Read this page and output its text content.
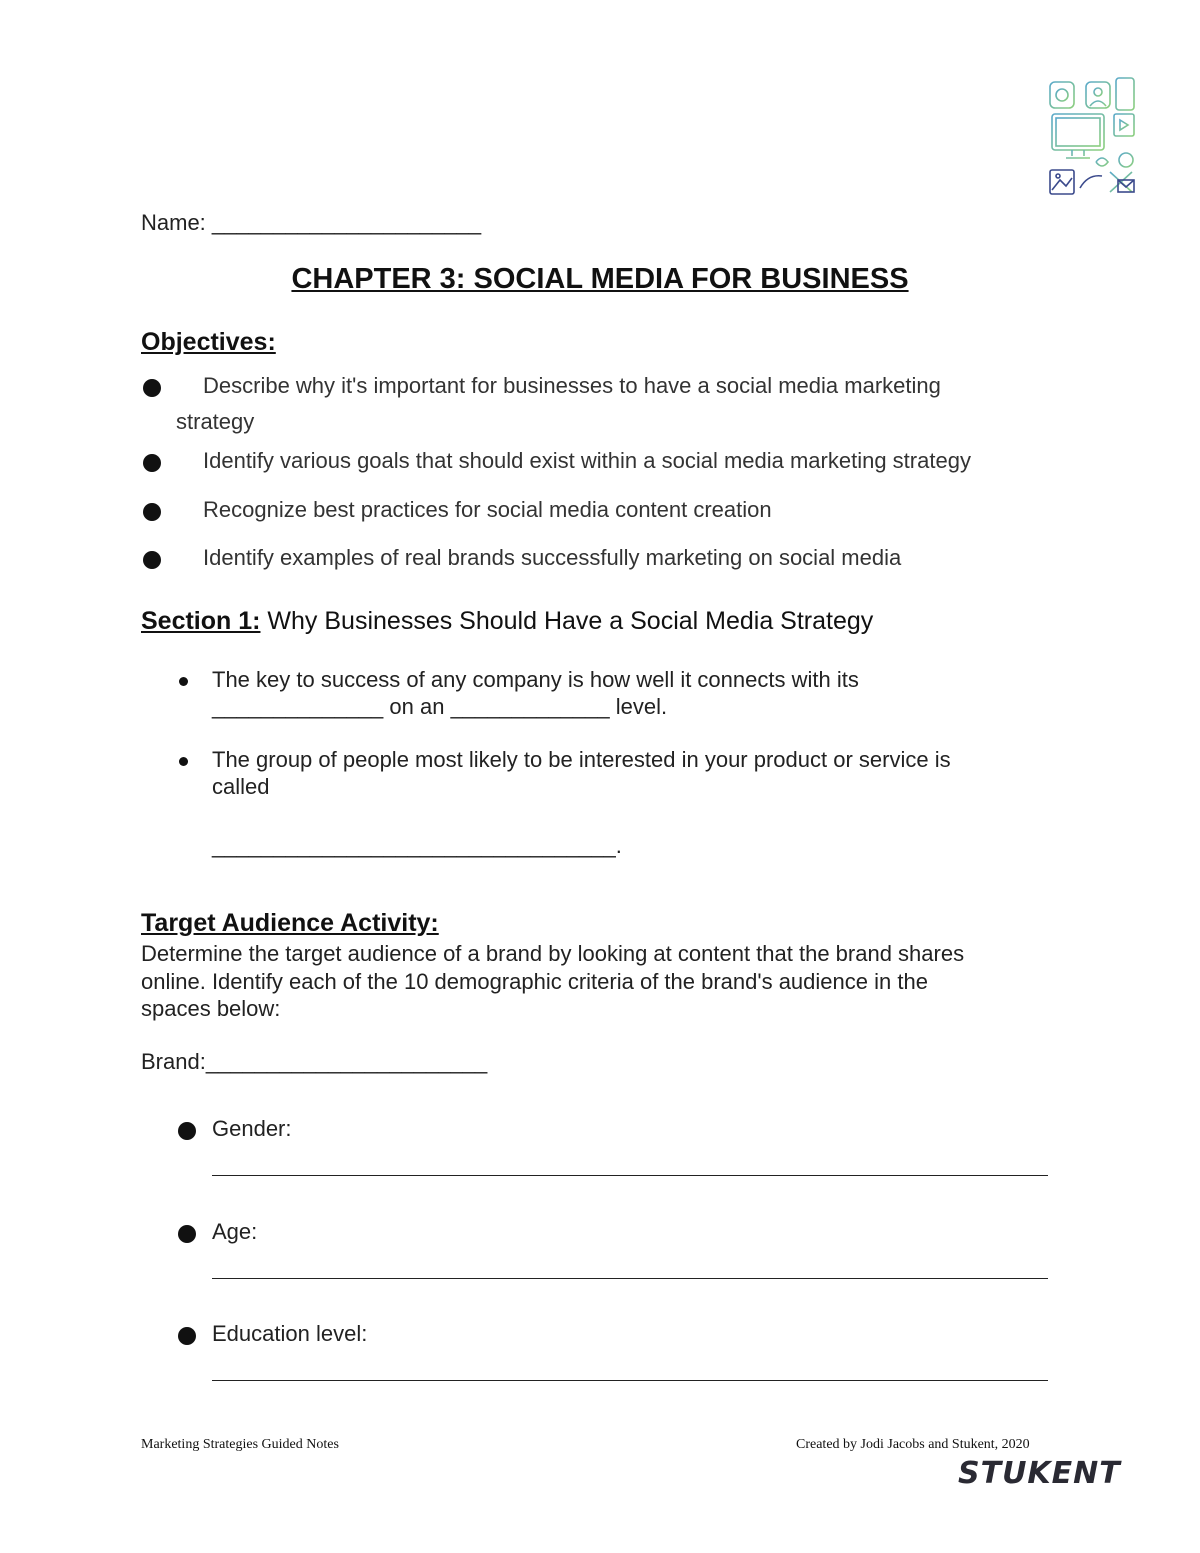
Name: ______________________
CHAPTER 3: SOCIAL MEDIA FOR BUSINESS
Objectives:
Describe why it's important for businesses to have a social media marketing
strategy
Identify various goals that should exist within a social media marketing strategy
Recognize best practices for social media content creation
Identify examples of real brands successfully marketing on social media
Section 1: Why Businesses Should Have a Social Media Strategy
The key to success of any company is how well it connects with its
______________ on an _____________ level.
The group of people most likely to be interested in your product or service is
called
_________________________________.
Target Audience Activity:
Determine the target audience of a brand by looking at content that the brand shares
online. Identify each of the 10 demographic criteria of the brand's audience in the
spaces below:
Brand:_______________________
Gender:
Age:
Education level:
Marketing Strategies Guided Notes	Created by Jodi Jacobs and Stukent, 2020
STUKENT
